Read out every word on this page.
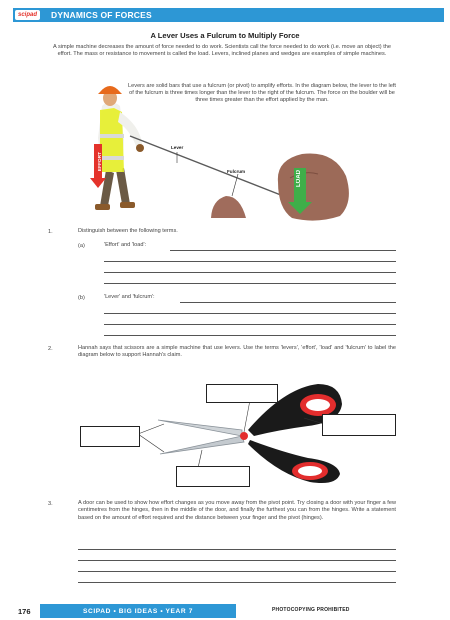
scipad	DYNAMICS OF FORCES
A Lever Uses a Fulcrum to Multiply Force
A simple machine decreases the amount of force needed to do work. Scientists call the force needed to do work (i.e. move an object) the effort. The mass or resistance to movement is called the load. Levers, inclined planes and wedges are examples of simple machines.
EFFORT
Lever
Fulcrum	LOAD
Levers are solid bars that use a fulcrum (or pivot) to amplify efforts. In the diagram below, the lever to the left of the fulcrum is three times longer than the lever to the right of the fulcrum. The force on the boulder will be three times greater than the effort applied by the man.
1.	Distinguish between the following terms.
(a)	'Effort' and 'load':
(b)	'Lever' and 'fulcrum':
2.	Hannah says that scissors are a simple machine that use levers. Use the terms 'levers', 'effort', 'load' and 'fulcrum' to label the diagram below to support Hannah's claim.
3.	A door can be used to show how effort changes as you move away from the pivot point. Try closing a door with your finger a few centimetres from the hinges, then in the middle of the door, and finally the furthest you can from the hinges. Write a statement based on the amount of effort required and the distance between your finger and the pivot (hinges).
176	SCIPAD • BIG IDEAS • YEAR 7	PHOTOCOPYING PROHIBITED
